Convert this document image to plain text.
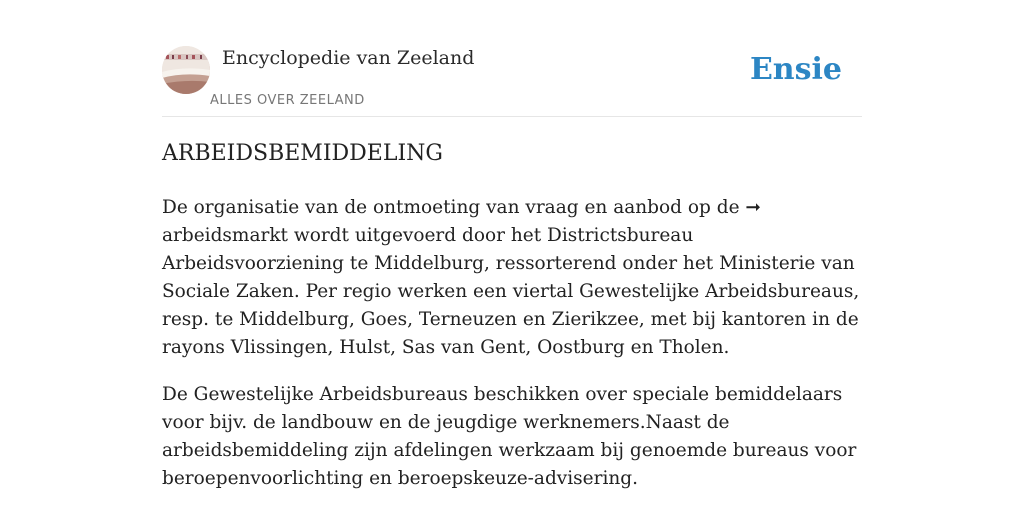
Encyclopedie van Zeeland
ALLES OVER ZEELAND
Ensie
ARBEIDSBEMIDDELING

De organisatie van de ontmoeting van vraag en aanbod op de ➞ arbeidsmarkt wordt uitgevoerd door het Districtsbureau Arbeidsvoorziening te Middelburg, ressorterend onder het Ministerie van Sociale Zaken. Per regio werken een viertal Gewestelijke Arbeidsbureaus, resp. te Middelburg, Goes, Terneuzen en Zierikzee, met bij kantoren in de rayons Vlissingen, Hulst, Sas van Gent, Oostburg en Tholen.

De Gewestelijke Arbeidsbureaus beschikken over speciale bemiddelaars voor bijv. de landbouw en de jeugdige werknemers.Naast de arbeidsbemiddeling zijn afdelingen werkzaam bij genoemde bureaus voor beroepenvoorlichting en beroepskeuze-advisering.
